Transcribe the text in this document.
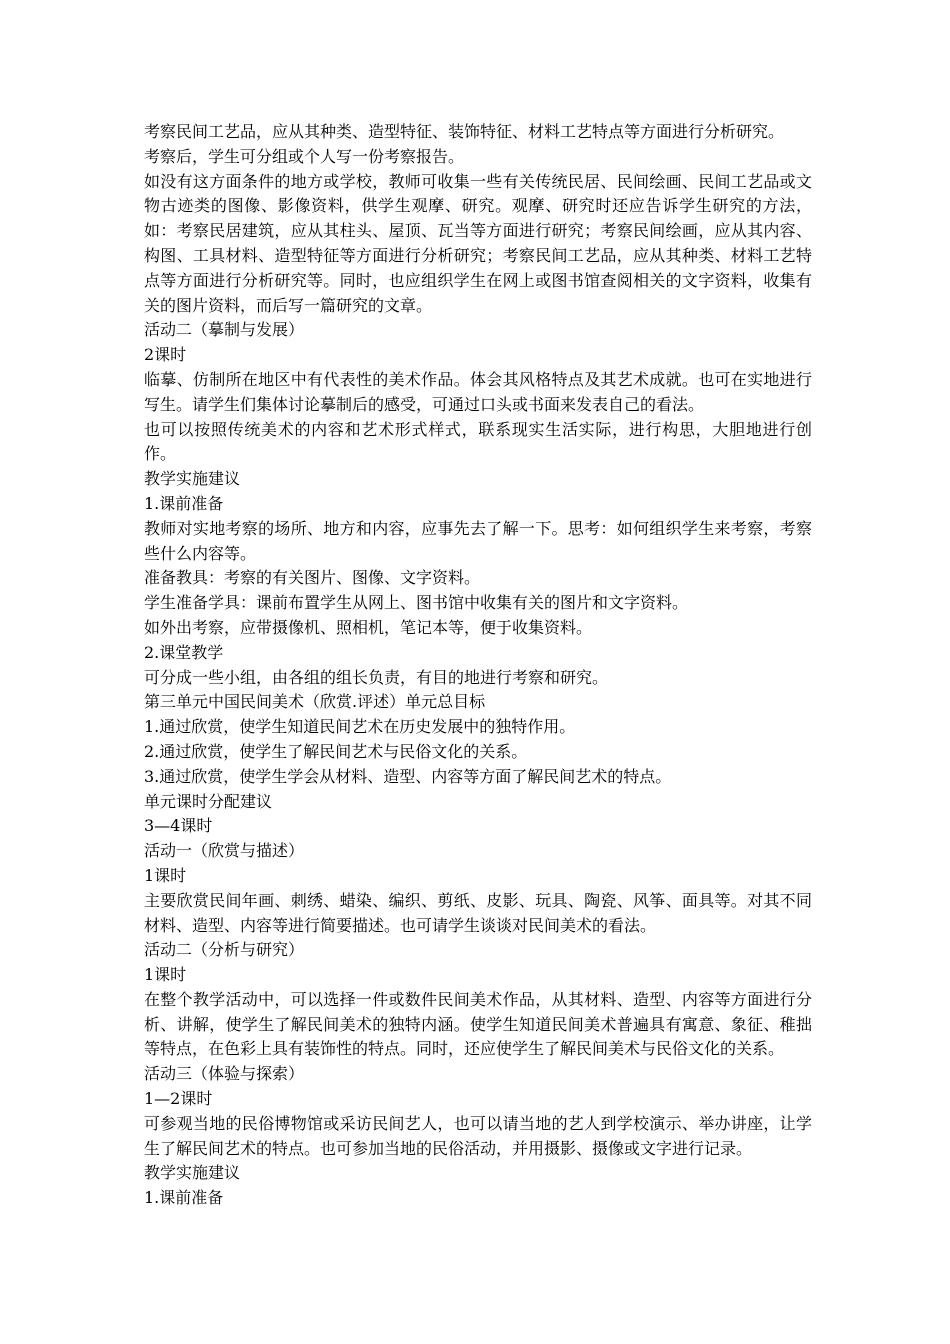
考察民间工艺品，应从其种类、造型特征、装饰特征、材料工艺特点等方面进行分析研究。

考察后，学生可分组或个人写一份考察报告。

如没有这方面条件的地方或学校，教师可收集一些有关传统民居、民间绘画、民间工艺品或文物古迹类的图像、影像资料，供学生观摩、研究。观摩、研究时还应告诉学生研究的方法，如：考察民居建筑，应从其柱头、屋顶、瓦当等方面进行研究；考察民间绘画，应从其内容、构图、工具材料、造型特征等方面进行分析研究；考察民间工艺品，应从其种类、材料工艺特点等方面进行分析研究等。同时，也应组织学生在网上或图书馆查阅相关的文字资料，收集有关的图片资料，而后写一篇研究的文章。

活动二（摹制与发展）

2课时

临摹、仿制所在地区中有代表性的美术作品。体会其风格特点及其艺术成就。也可在实地进行写生。请学生们集体讨论摹制后的感受，可通过口头或书面来发表自己的看法。

也可以按照传统美术的内容和艺术形式样式，联系现实生活实际，进行构思，大胆地进行创作。

教学实施建议

1.课前准备

教师对实地考察的场所、地方和内容，应事先去了解一下。思考：如何组织学生来考察，考察些什么内容等。

准备教具：考察的有关图片、图像、文字资料。

学生准备学具：课前布置学生从网上、图书馆中收集有关的图片和文字资料。

如外出考察，应带摄像机、照相机，笔记本等，便于收集资料。

2.课堂教学

可分成一些小组，由各组的组长负责，有目的地进行考察和研究。

第三单元中国民间美术（欣赏.评述）单元总目标

1.通过欣赏，使学生知道民间艺术在历史发展中的独特作用。

2.通过欣赏，使学生了解民间艺术与民俗文化的关系。

3.通过欣赏，使学生学会从材料、造型、内容等方面了解民间艺术的特点。

单元课时分配建议

3—4课时

活动一（欣赏与描述）

1课时

主要欣赏民间年画、刺绣、蜡染、编织、剪纸、皮影、玩具、陶瓷、风筝、面具等。对其不同材料、造型、内容等进行简要描述。也可请学生谈谈对民间美术的看法。

活动二（分析与研究）

1课时

在整个教学活动中，可以选择一件或数件民间美术作品，从其材料、造型、内容等方面进行分析、讲解，使学生了解民间美术的独特内涵。使学生知道民间美术普遍具有寓意、象征、稚拙等特点，在色彩上具有装饰性的特点。同时，还应使学生了解民间美术与民俗文化的关系。

活动三（体验与探索）

1—2课时

可参观当地的民俗博物馆或采访民间艺人，也可以请当地的艺人到学校演示、举办讲座，让学生了解民间艺术的特点。也可参加当地的民俗活动，并用摄影、摄像或文字进行记录。

教学实施建议

1.课前准备
